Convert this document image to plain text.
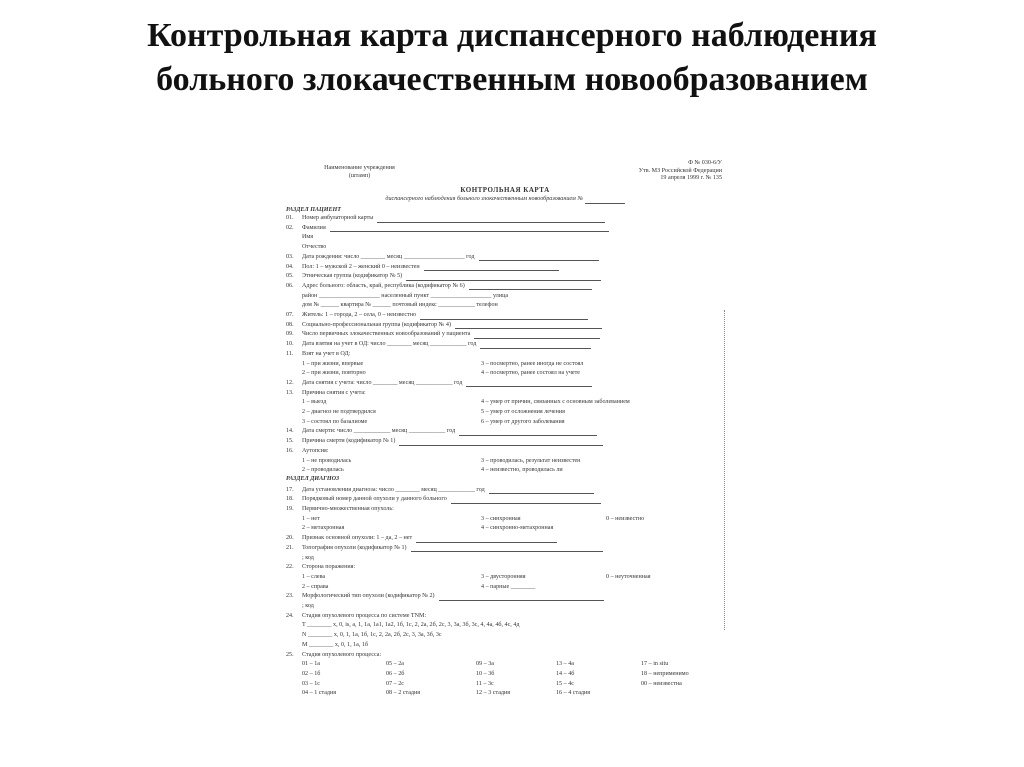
Контрольная карта диспансерного наблюдения
больного злокачественным новообразованием
Наименование учреждения
(штамп)
Ф № 030-6/У
Утв. МЗ Российской Федерации
19 апреля 1999 г. № 135
КОНТРОЛЬНАЯ КАРТА
диспансерного наблюдения больного злокачественным новообразованием №
РАЗДЕЛ ПАЦИЕНТ
01. Номер амбулаторной карты
02. Фамилия
Имя
Отчество
03. Дата рождения: число ________ месяц ____________________ год
04. Пол: 1 – мужской 2 – женский 0 – неизвестен
05. Этническая группа (кодификатор № 5)
06. Адрес больного: область, край, республика (кодификатор № 6)
район ____________________ населенный пункт ____________________ улица
дом № ______ квартира № ______ почтовый индекс ____________ телефон
07. Житель: 1 – города, 2 – села, 0 – неизвестно
08. Социально-профессиональная группа (кодификатор № 4)
09. Число первичных злокачественных новообразований у пациента
10. Дата взятия на учет в ОД: число ________ месяц ____________ год
11. Взят на учет в ОД:
1 – при жизни, впервые	3 – посмертно, ранее иногда не состоял
2 – при жизни, повторно	4 – посмертно, ранее состоял на учете
12. Дата снятия с учета: число ________ месяц ____________ год
13. Причина снятия с учета:
1 – выезд	4 – умер от причин, связанных с основным заболеванием
2 – диагноз не подтвердился	5 – умер от осложнения лечения
3 – состоял по базалиоме	6 – умер от другого заболевания
14. Дата смерти: число ____________ месяц ____________ год
15. Причина смерти (кодификатор № 1)
16. Аутопсия:
1 – не проводилась	3 – проводилась, результат неизвестен
2 – проводилась	4 – неизвестно, проводилась ли
РАЗДЕЛ ДИАГНОЗ
17. Дата установления диагноза: число ________ месяц ____________ год
18. Порядковый номер данной опухоли у данного больного
19. Первично-множественная опухоль:
1 – нет	3 – синхронная	0 – неизвестно
2 – метахронная	4 – синхронно-метахронная
20. Признак основной опухоли: 1 – да, 2 – нет
21. Топография опухоли (кодификатор № 1)
; код
22. Сторона поражения:
1 – слева	3 – двусторонняя	0 – неуточненная
2 – справа	4 – парные ________
23. Морфологический тип опухоли (кодификатор № 2)
; код
24. Стадия опухолевого процесса по системе TNM:
T ________ x, 0, is, a, 1, 1a, 1a1, 1a2, 1б, 1с, 2, 2a, 2б, 2с, 3, 3a, 3б, 3с, 4, 4a, 4б, 4с, 4д
N ________ x, 0, 1, 1a, 1б, 1с, 2, 2a, 2б, 2с, 3, 3a, 3б, 3с
M ________ x, 0, 1, 1a, 1б
25. Стадия опухолевого процесса:
01 – 1a	05 – 2a	09 – 3a	13 – 4a	17 – in situ
02 – 1б	06 – 2б	10 – 3б	14 – 4б	18 – неприменимо
03 – 1с	07 – 2с	11 – 3с	15 – 4с	00 – неизвестна
04 – 1 стадия	08 – 2 стадия	12 – 3 стадия	16 – 4 стадия
